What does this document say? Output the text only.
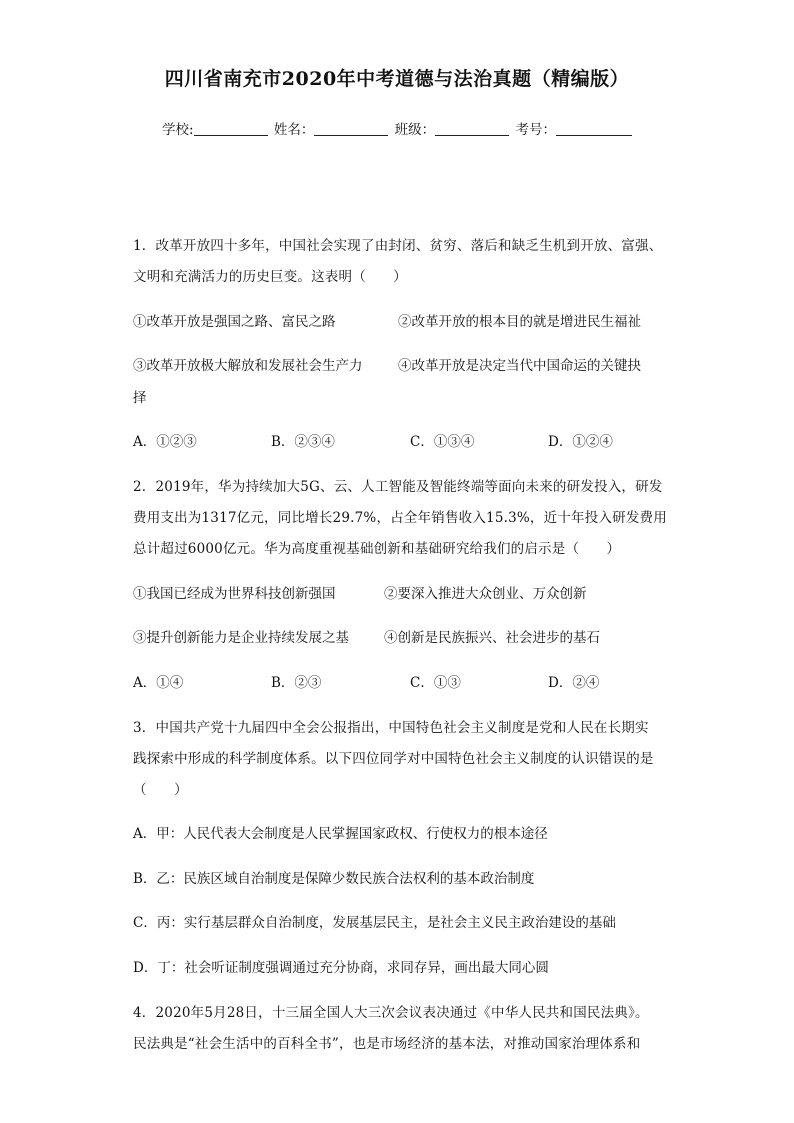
四川省南充市2020年中考道德与法治真题（精编版）
学校:	姓名：	班级：	考号：
1．改革开放四十多年，中国社会实现了由封闭、贫穷、落后和缺乏生机到开放、富强、
文明和充满活力的历史巨变。这表明（　　）
①改革开放是强国之路、富民之路	②改革开放的根本目的就是增进民生福祉
③改革开放极大解放和发展社会生产力	④改革开放是决定当代中国命运的关键抉
择
A．①②③	B．②③④	C．①③④	D．①②④
2．2019年，华为持续加大5G、云、人工智能及智能终端等面向未来的研发投入，研发
费用支出为1317亿元，同比增长29.7%，占全年销售收入15.3%，近十年投入研发费用
总计超过6000亿元。华为高度重视基础创新和基础研究给我们的启示是（　　）
①我国已经成为世界科技创新强国	②要深入推进大众创业、万众创新
③提升创新能力是企业持续发展之基	④创新是民族振兴、社会进步的基石
A．①④	B．②③	C．①③	D．②④
3．中国共产党十九届四中全会公报指出，中国特色社会主义制度是党和人民在长期实
践探索中形成的科学制度体系。以下四位同学对中国特色社会主义制度的认识错误的是
（　　）
A．甲：人民代表大会制度是人民掌握国家政权、行使权力的根本途径
B．乙：民族区域自治制度是保障少数民族合法权利的基本政治制度
C．丙：实行基层群众自治制度，发展基层民主，是社会主义民主政治建设的基础
D．丁：社会听证制度强调通过充分协商，求同存异，画出最大同心圆
4．2020年5月28日，十三届全国人大三次会议表决通过《中华人民共和国民法典》。
民法典是“社会生活中的百科全书”，也是市场经济的基本法，对推动国家治理体系和
